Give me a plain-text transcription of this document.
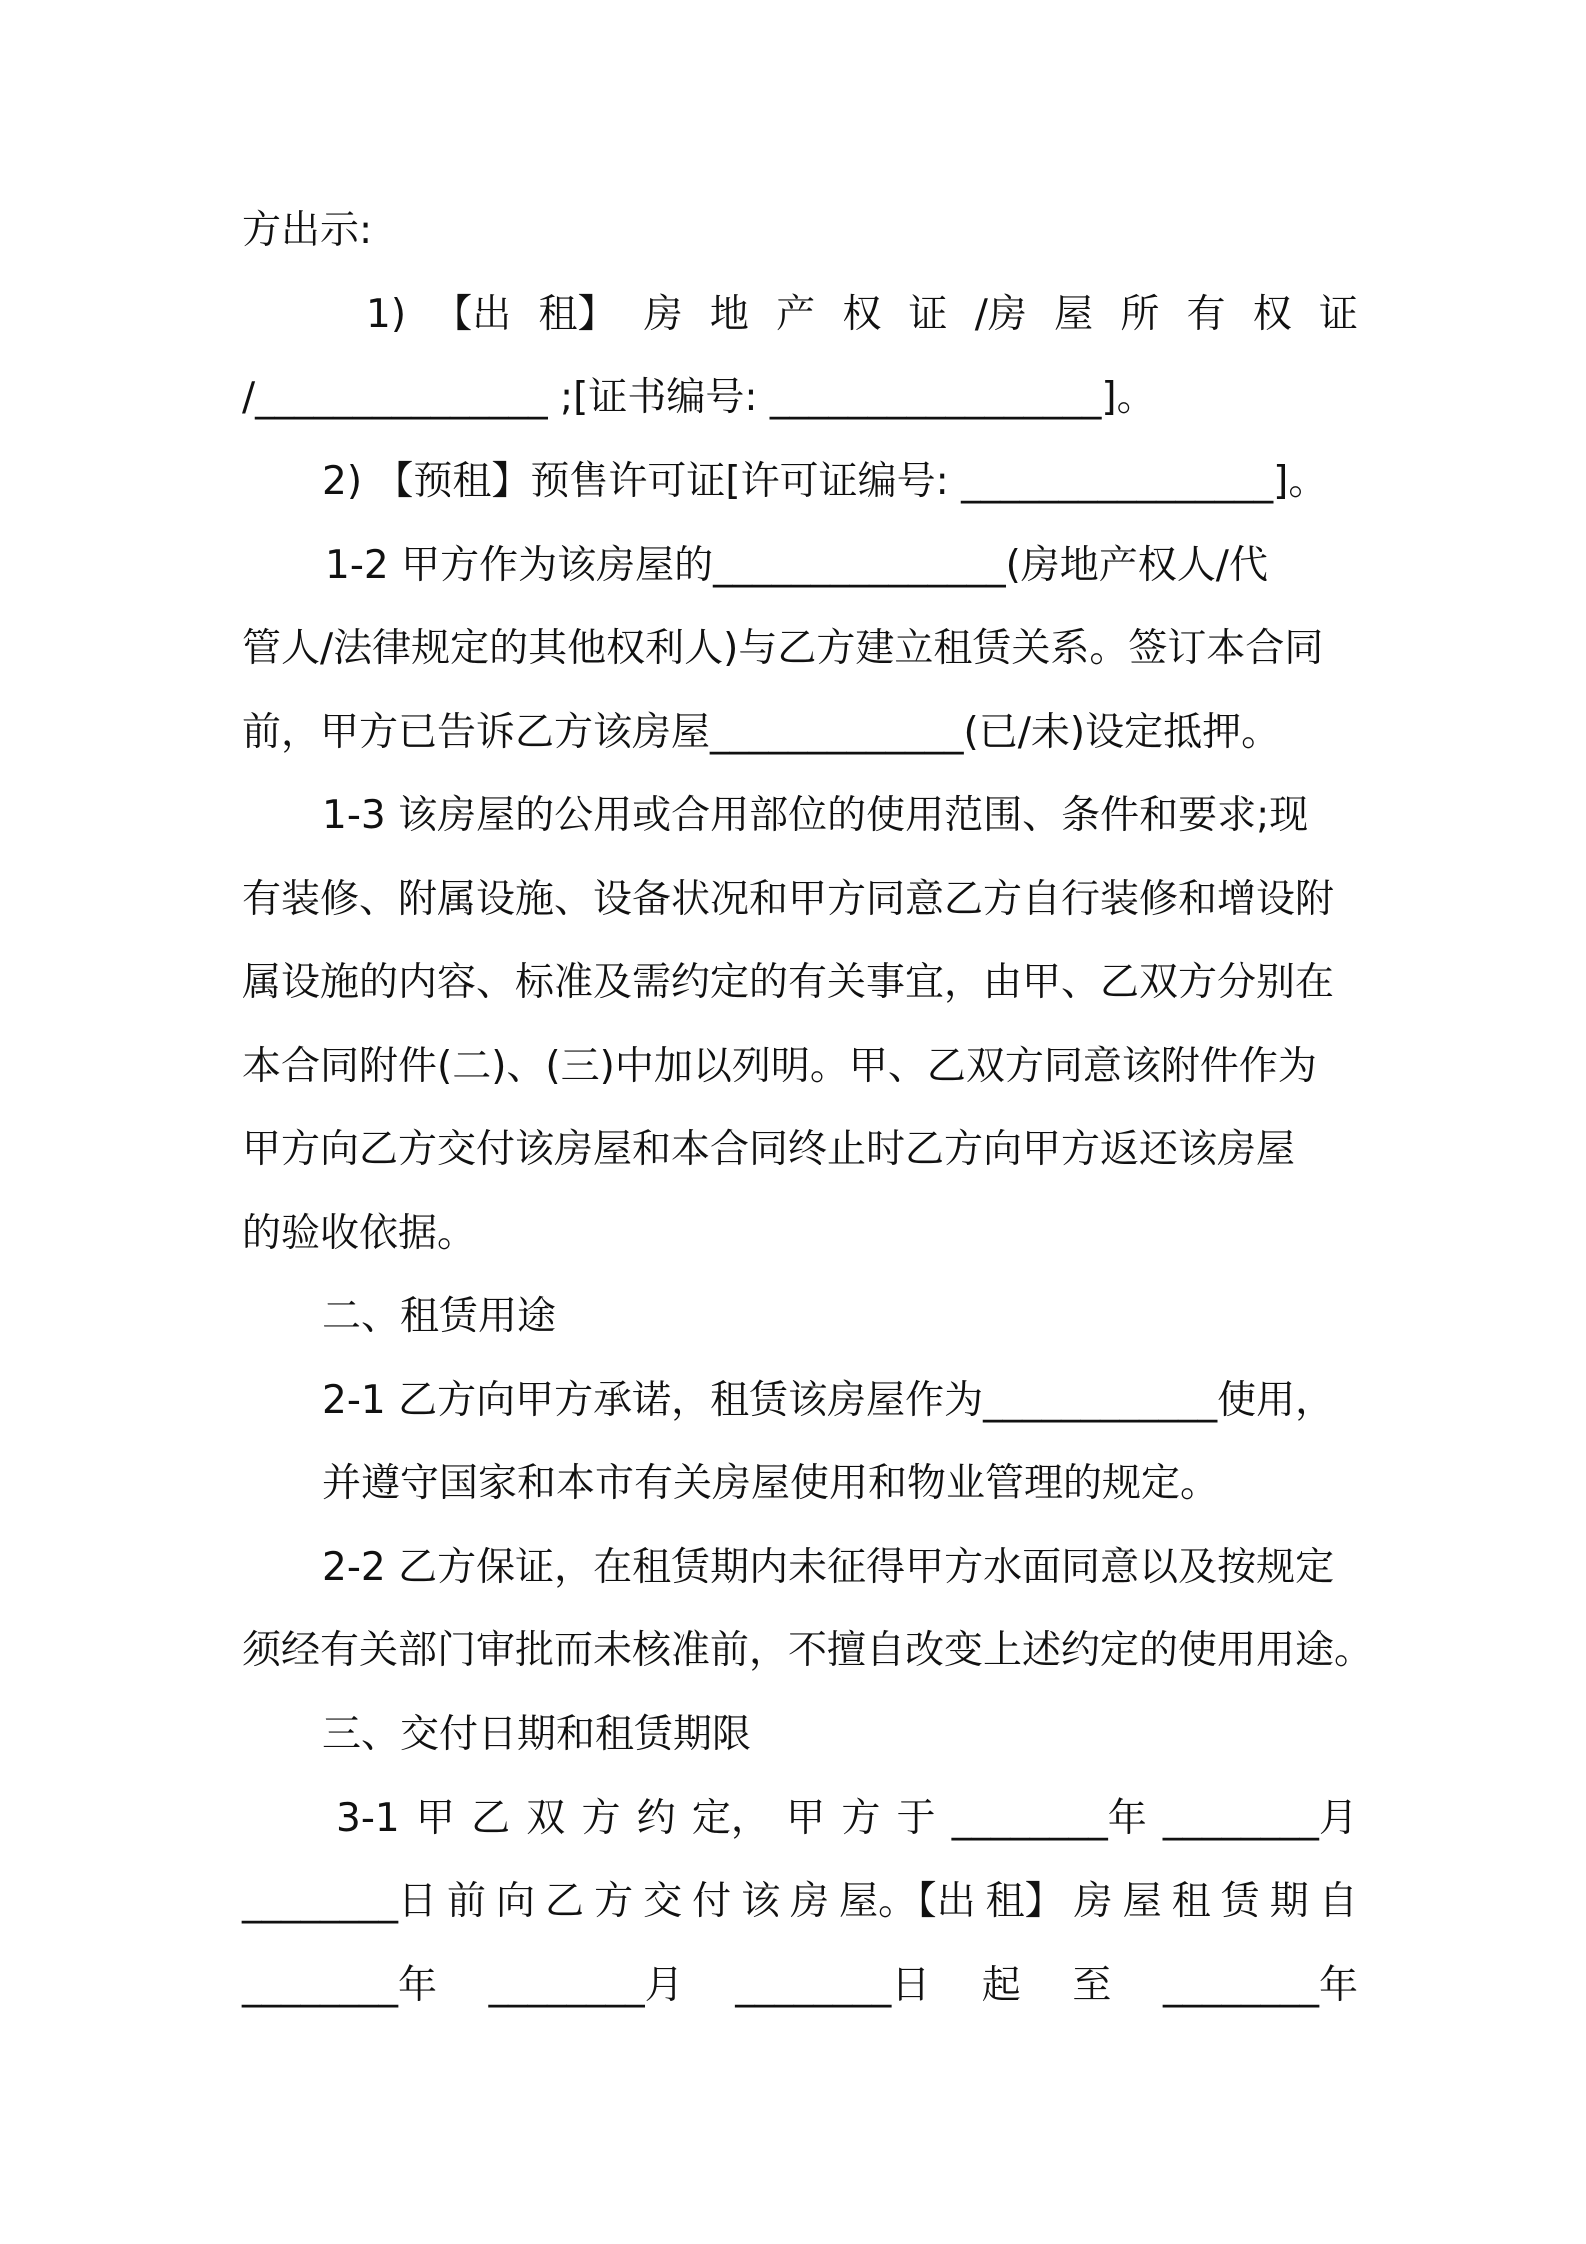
方出示:

1) 【出 租】 房 地 产 权 证 /房 屋 所 有 权 证

/_______________ ;[证书编号: _________________]。

2) 【预租】预售许可证[许可证编号: ________________]。

1-2 甲方作为该房屋的_______________(房地产权人/代

管人/法律规定的其他权利人)与乙方建立租赁关系。签订本合同

前，甲方已告诉乙方该房屋_____________(已/未)设定抵押。

1-3 该房屋的公用或合用部位的使用范围、条件和要求;现

有装修、附属设施、设备状况和甲方同意乙方自行装修和增设附

属设施的内容、标准及需约定的有关事宜，由甲、乙双方分别在

本合同附件(二)、(三)中加以列明。甲、乙双方同意该附件作为

甲方向乙方交付该房屋和本合同终止时乙方向甲方返还该房屋

的验收依据。

二、租赁用途

2-1 乙方向甲方承诺，租赁该房屋作为____________使用，

并遵守国家和本市有关房屋使用和物业管理的规定。

2-2 乙方保证，在租赁期内未征得甲方水面同意以及按规定

须经有关部门审批而未核准前，不擅自改变上述约定的使用用途。

三、交付日期和租赁期限

3-1 甲 乙 双 方 约 定， 甲 方 于 ________年 ________月
________日 前 向 乙 方 交 付 该 房 屋。【出 租】 房 屋 租 赁 期 自
________年 ________月 ________日 起 至 ________年
